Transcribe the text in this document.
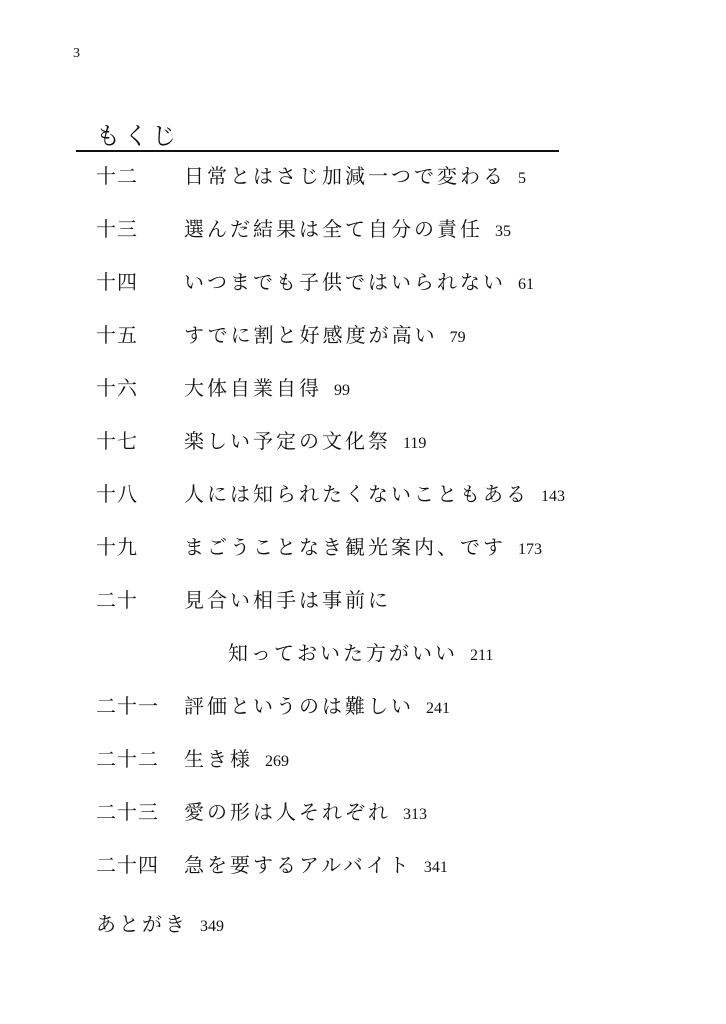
3
もくじ
十二 日常とはさじ加減一つで変わる 5
十三 選んだ結果は全て自分の責任 35
十四 いつまでも子供ではいられない 61
十五 すでに割と好感度が高い 79
十六 大体自業自得 99
十七 楽しい予定の文化祭 119
十八 人には知られたくないこともある 143
十九 まごうことなき観光案内、です 173
二十 見合い相手は事前に
知っておいた方がいい 211
二十一 評価というのは難しい 241
二十二 生き様 269
二十三 愛の形は人それぞれ 313
二十四 急を要するアルバイト 341
あとがき 349
